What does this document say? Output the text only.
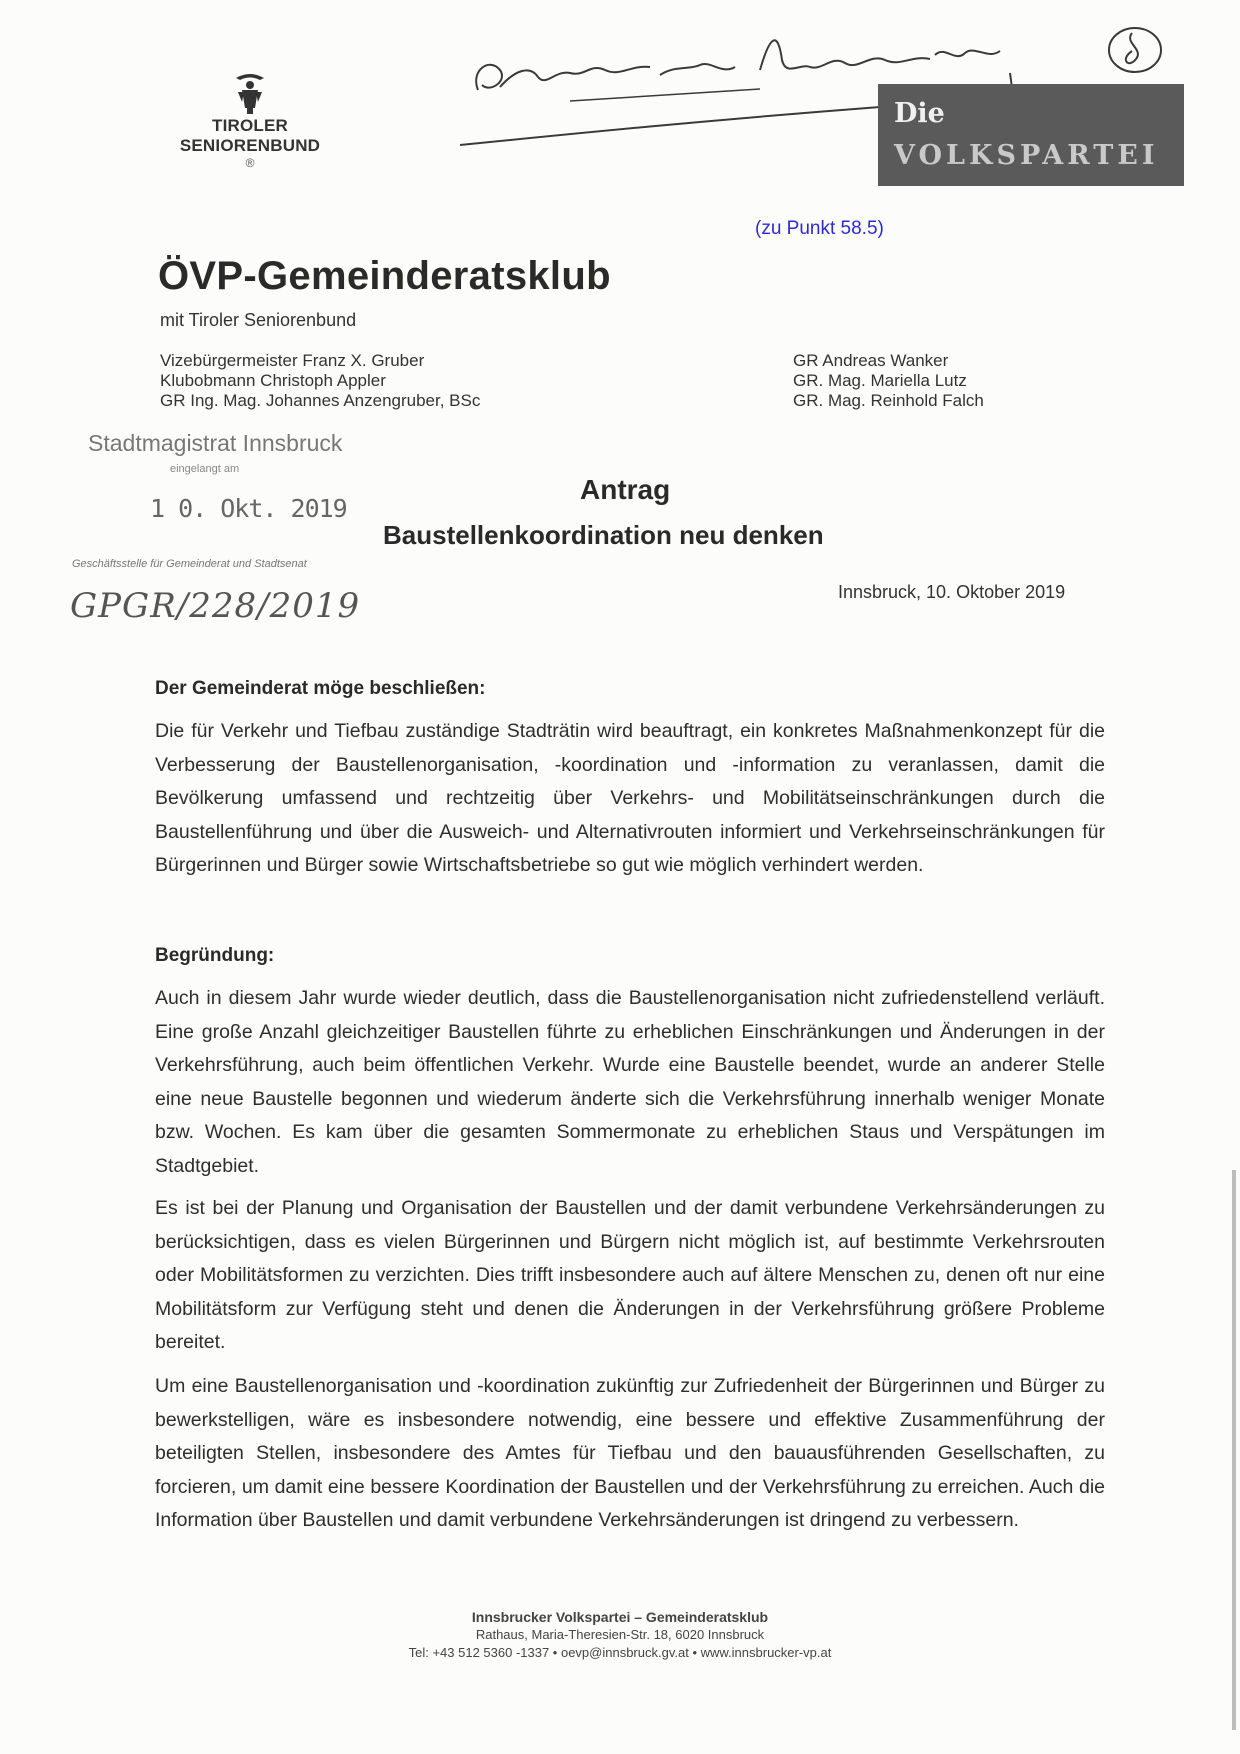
TIROLER
SENIORENBUND
®
Die
VOLKSPARTEI
(zu Punkt 58.5)
ÖVP-Gemeinderatsklub
mit Tiroler Seniorenbund
Vizebürgermeister Franz X. Gruber
Klubobmann Christoph Appler
GR Ing. Mag. Johannes Anzengruber, BSc
GR Andreas Wanker
GR. Mag. Mariella Lutz
GR. Mag. Reinhold Falch
Stadtmagistrat Innsbruck
eingelangt am
1 0. Okt. 2019
Geschäftsstelle für Gemeinderat und Stadtsenat
GPGR/228/2019
Antrag
Baustellenkoordination neu denken
Innsbruck, 10. Oktober 2019
Der Gemeinderat möge beschließen:

Die für Verkehr und Tiefbau zuständige Stadträtin wird beauftragt, ein konkretes Maßnahmenkonzept für die Verbesserung der Baustellenorganisation, -koordination und -information zu veranlassen, damit die Bevölkerung umfassend und rechtzeitig über Verkehrs- und Mobilitätseinschränkungen durch die Baustellenführung und über die Ausweich- und Alternativrouten informiert und Verkehrseinschränkungen für Bürgerinnen und Bürger sowie Wirtschaftsbetriebe so gut wie möglich verhindert werden.

Begründung:

Auch in diesem Jahr wurde wieder deutlich, dass die Baustellenorganisation nicht zufriedenstellend verläuft. Eine große Anzahl gleichzeitiger Baustellen führte zu erheblichen Einschränkungen und Änderungen in der Verkehrsführung, auch beim öffentlichen Verkehr. Wurde eine Baustelle beendet, wurde an anderer Stelle eine neue Baustelle begonnen und wiederum änderte sich die Verkehrsführung innerhalb weniger Monate bzw. Wochen. Es kam über die gesamten Sommermonate zu erheblichen Staus und Verspätungen im Stadtgebiet.

Es ist bei der Planung und Organisation der Baustellen und der damit verbundene Verkehrsänderungen zu berücksichtigen, dass es vielen Bürgerinnen und Bürgern nicht möglich ist, auf bestimmte Verkehrsrouten oder Mobilitätsformen zu verzichten. Dies trifft insbesondere auch auf ältere Menschen zu, denen oft nur eine Mobilitätsform zur Verfügung steht und denen die Änderungen in der Verkehrsführung größere Probleme bereitet.

Um eine Baustellenorganisation und -koordination zukünftig zur Zufriedenheit der Bürgerinnen und Bürger zu bewerkstelligen, wäre es insbesondere notwendig, eine bessere und effektive Zusammenführung der beteiligten Stellen, insbesondere des Amtes für Tiefbau und den bauausführenden Gesellschaften, zu forcieren, um damit eine bessere Koordination der Baustellen und der Verkehrsführung zu erreichen. Auch die Information über Baustellen und damit verbundene Verkehrsänderungen ist dringend zu verbessern.

Innsbrucker Volkspartei – Gemeinderatsklub
Rathaus, Maria-Theresien-Str. 18, 6020 Innsbruck
Tel: +43 512 5360 -1337 • oevp@innsbruck.gv.at • www.innsbrucker-vp.at
